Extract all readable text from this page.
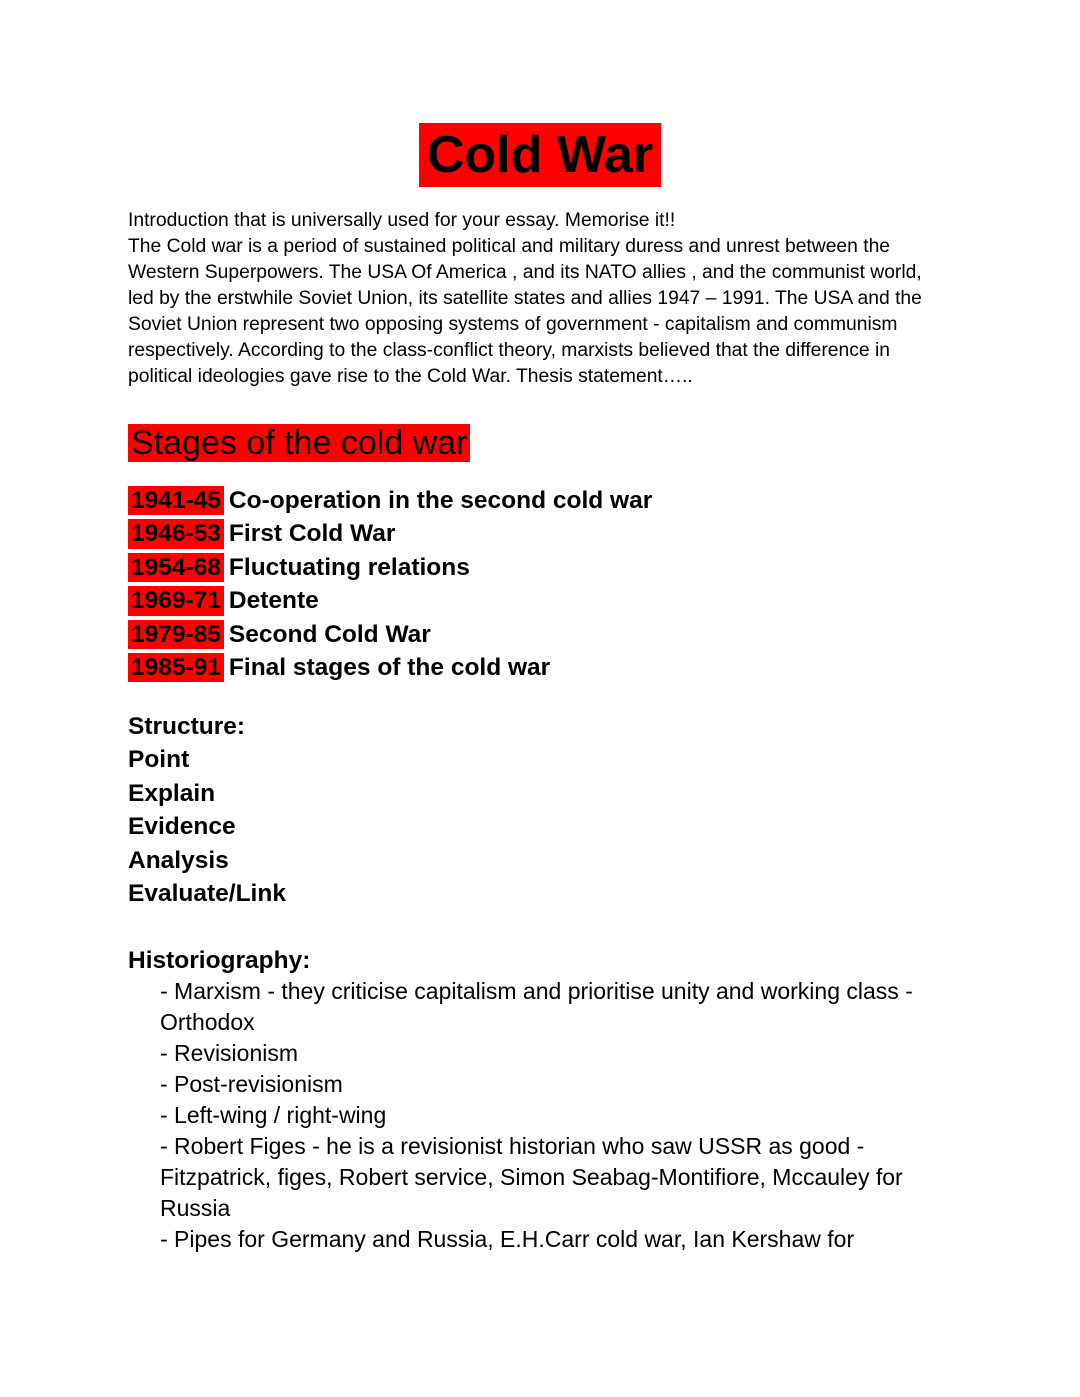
Cold War
Introduction that is universally used for your essay. Memorise it!!
The Cold war is a period of sustained political and military duress and unrest between the Western Superpowers. The USA Of America , and its NATO allies , and the communist world, led by the erstwhile Soviet Union, its satellite states and allies 1947 – 1991. The USA and the Soviet Union represent two opposing systems of government - capitalism and communism respectively. According to the class-conflict theory, marxists believed that the difference in political ideologies gave rise to the Cold War. Thesis statement…..
Stages of the cold war
1941-45 Co-operation in the second cold war
1946-53 First Cold War
1954-68 Fluctuating relations
1969-71 Detente
1979-85 Second Cold War
1985-91 Final stages of the cold war
Structure:
Point
Explain
Evidence
Analysis
Evaluate/Link
Historiography:
- Marxism - they criticise capitalism and prioritise unity and working class - Orthodox
- Revisionism
- Post-revisionism
- Left-wing / right-wing
- Robert Figes - he is a revisionist historian who saw USSR as good - Fitzpatrick, figes, Robert service, Simon Seabag-Montifiore, Mccauley for Russia
- Pipes for Germany and Russia, E.H.Carr cold war, Ian Kershaw for
